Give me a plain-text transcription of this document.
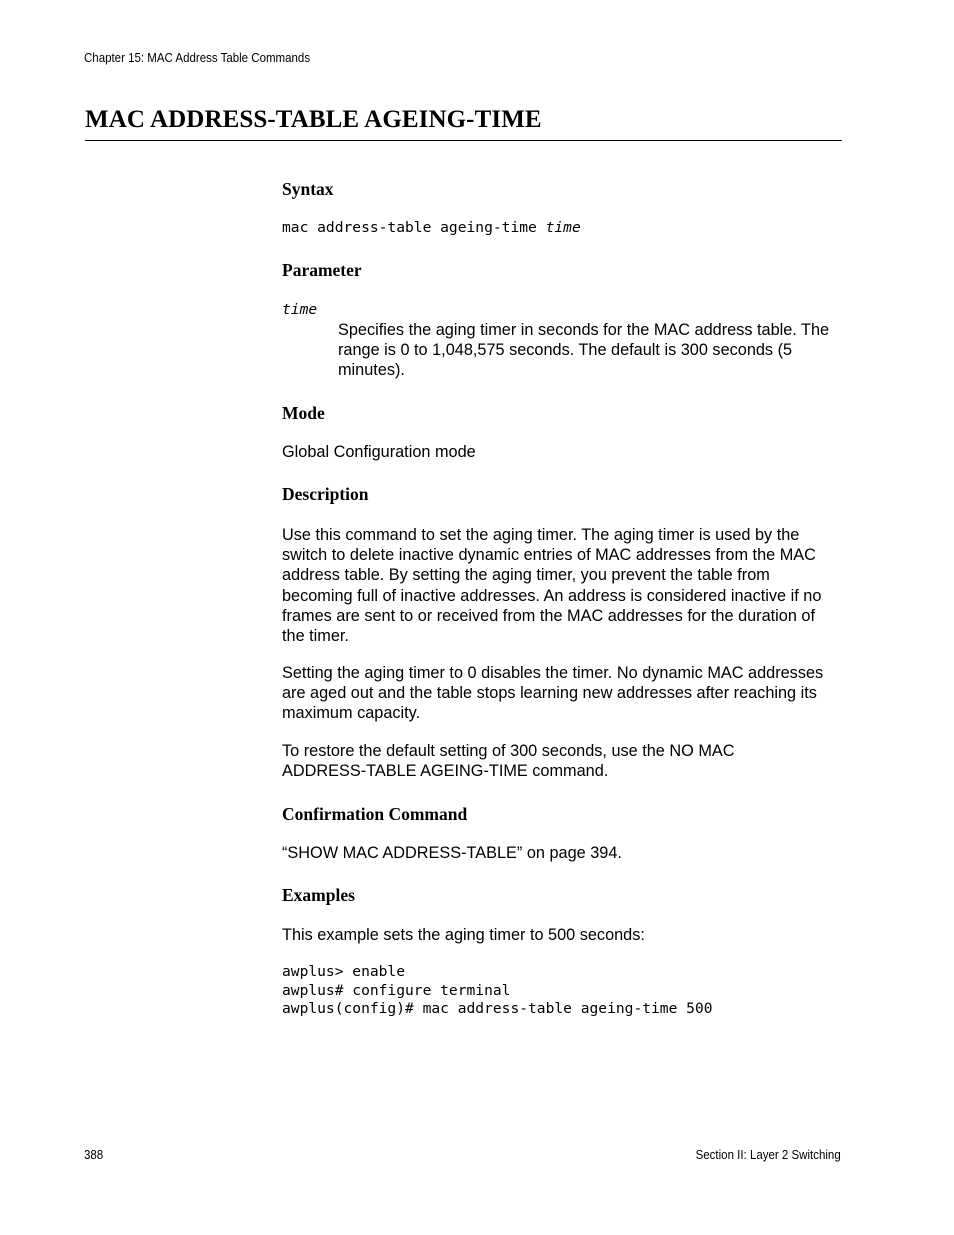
Chapter 15: MAC Address Table Commands
MAC ADDRESS-TABLE AGEING-TIME
Syntax
mac address-table ageing-time time
Parameter
time
Specifies the aging timer in seconds for the MAC address table. The range is 0 to 1,048,575 seconds. The default is 300 seconds (5 minutes).
Mode
Global Configuration mode
Description
Use this command to set the aging timer. The aging timer is used by the switch to delete inactive dynamic entries of MAC addresses from the MAC address table. By setting the aging timer, you prevent the table from becoming full of inactive addresses. An address is considered inactive if no frames are sent to or received from the MAC addresses for the duration of the timer.
Setting the aging timer to 0 disables the timer. No dynamic MAC addresses are aged out and the table stops learning new addresses after reaching its maximum capacity.
To restore the default setting of 300 seconds, use the NO MAC ADDRESS-TABLE AGEING-TIME command.
Confirmation Command
“SHOW MAC ADDRESS-TABLE” on page 394.
Examples
This example sets the aging timer to 500 seconds:
awplus> enable
awplus# configure terminal
awplus(config)# mac address-table ageing-time 500
388	Section II: Layer 2 Switching
